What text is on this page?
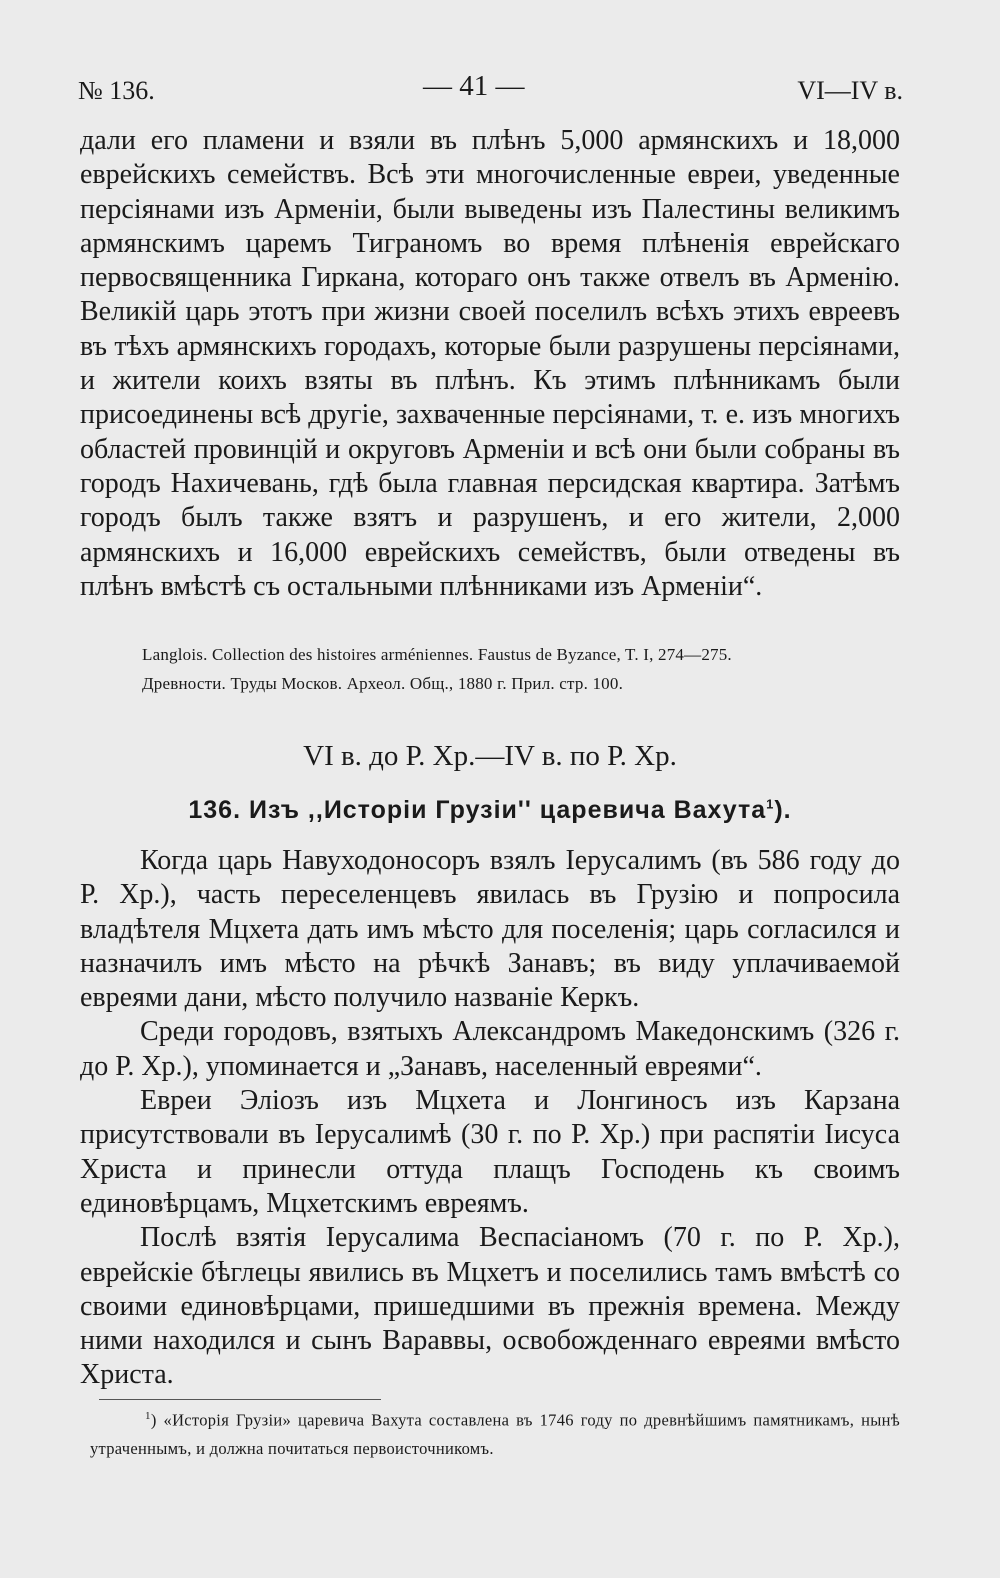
№ 136.	— 41 —	VI—IV в.

дали его пламени и взяли въ плѣнъ 5,000 армянскихъ и 18,000 еврейскихъ семействъ. Всѣ эти многочисленные евреи, уведенные персіянами изъ Арменіи, были выведены изъ Палестины великимъ армянскимъ царемъ Тиграномъ во время плѣненія еврейскаго первосвященника Гиркана, котораго онъ также отвелъ въ Арменію. Великій царь этотъ при жизни своей поселилъ всѣхъ этихъ евреевъ въ тѣхъ армянскихъ городахъ, которые были разрушены персіянами, и жители коихъ взяты въ плѣнъ. Къ этимъ плѣнникамъ были присоединены всѣ другіе, захваченные персіянами, т. е. изъ многихъ областей провинцій и округовъ Арменіи и всѣ они были собраны въ городъ Нахичевань, гдѣ была главная персидская квартира. Затѣмъ городъ былъ также взятъ и разрушенъ, и его жители, 2,000 армянскихъ и 16,000 еврейскихъ семействъ, были отведены въ плѣнъ вмѣстѣ съ остальными плѣнниками изъ Арменіи“.

Langlois. Collection des histoires arméniennes. Faustus de Byzance, T. I, 274—275.
Древности. Труды Москов. Археол. Общ., 1880 г. Прил. стр. 100.
VI в. до Р. Хр.—IV в. по Р. Хр.
136. Изъ ,,Исторіи Грузіи'' царевича Вахута$^1$).

Когда царь Навуходоносоръ взялъ Іерусалимъ (въ 586 году до Р. Хр.), часть переселенцевъ явилась въ Грузію и попросила владѣтеля Мцхета дать имъ мѣсто для поселенія; царь согласился и назначилъ имъ мѣсто на рѣчкѣ Занавъ; въ виду уплачиваемой евреями дани, мѣсто получило названіе Керкъ.

Среди городовъ, взятыхъ Александромъ Македонскимъ (326 г. до Р. Хр.), упоминается и „Занавъ, населенный евреями“.

Евреи Эліозъ изъ Мцхета и Лонгиносъ изъ Карзана присутствовали въ Іерусалимѣ (30 г. по Р. Хр.) при распятіи Іисуса Христа и принесли оттуда плащъ Господень къ своимъ единовѣрцамъ, Мцхетскимъ евреямъ.

Послѣ взятія Іерусалима Веспасіаномъ (70 г. по Р. Хр.), еврейскіе бѣглецы явились въ Мцхетъ и поселились тамъ вмѣстѣ со своими единовѣрцами, пришедшими въ прежнія времена. Между ними находился и сынъ Вараввы, освобожденнаго евреями вмѣсто Христа.

$^1$) «Исторія Грузіи» царевича Вахута составлена въ 1746 году по древнѣйшимъ памятникамъ, нынѣ утраченнымъ, и должна почитаться первоисточникомъ.
